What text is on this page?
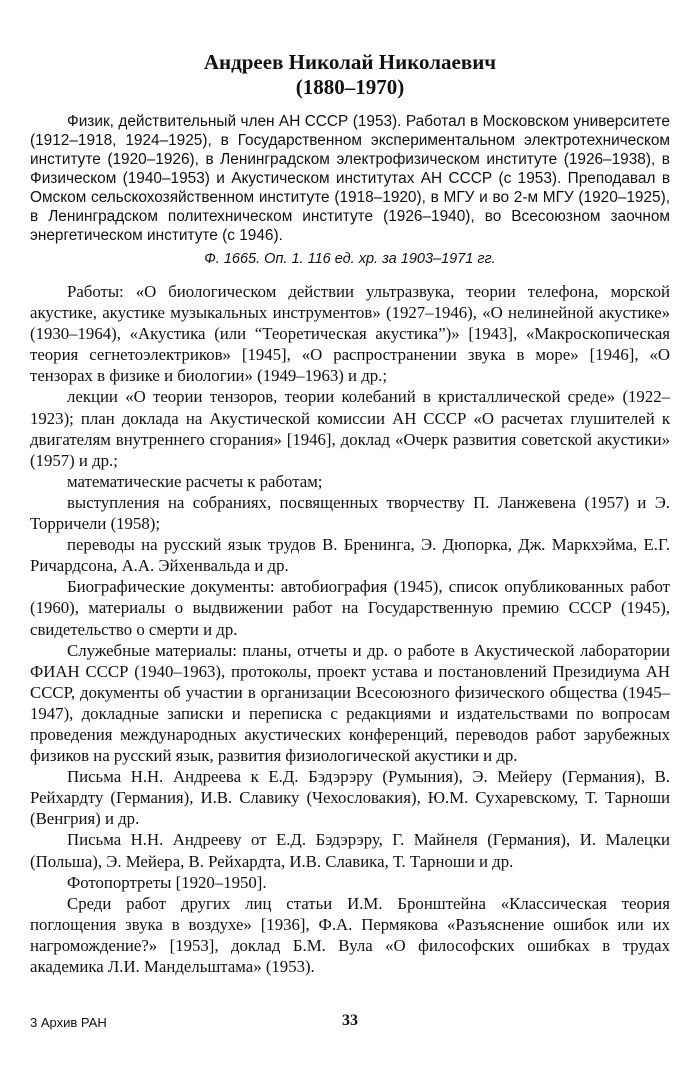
Андреев Николай Николаевич
(1880–1970)

Физик, действительный член АН СССР (1953). Работал в Московском университете (1912–1918, 1924–1925), в Государственном экспериментальном электротехническом институте (1920–1926), в Ленинградском электрофизическом институте (1926–1938), в Физическом (1940–1953) и Акустическом институтах АН СССР (с 1953). Преподавал в Омском сельскохозяйственном институте (1918–1920), в МГУ и во 2-м МГУ (1920–1925), в Ленинградском политехническом институте (1926–1940), во Всесоюзном заочном энергетическом институте (с 1946).

Ф. 1665. Оп. 1. 116 ед. хр. за 1903–1971 гг.

Работы: «О биологическом действии ультразвука, теории телефона, морской акустике, акустике музыкальных инструментов» (1927–1946), «О нелинейной акустике» (1930–1964), «Акустика (или “Теоретическая акустика”)» [1943], «Макроскопическая теория сегнетоэлектриков» [1945], «О распространении звука в море» [1946], «О тензорах в физике и биологии» (1949–1963) и др.;

лекции «О теории тензоров, теории колебаний в кристаллической среде» (1922–1923); план доклада на Акустической комиссии АН СССР «О расчетах глушителей к двигателям внутреннего сгорания» [1946], доклад «Очерк развития советской акустики» (1957) и др.;

математические расчеты к работам;

выступления на собраниях, посвященных творчеству П. Ланжевена (1957) и Э. Торричели (1958);

переводы на русский язык трудов В. Бренинга, Э. Дюпорка, Дж. Маркхэйма, Е.Г. Ричардсона, А.А. Эйхенвальда и др.

Биографические документы: автобиография (1945), список опубликованных работ (1960), материалы о выдвижении работ на Государственную премию СССР (1945), свидетельство о смерти и др.

Служебные материалы: планы, отчеты и др. о работе в Акустической лаборатории ФИАН СССР (1940–1963), протоколы, проект устава и постановлений Президиума АН СССР, документы об участии в организации Всесоюзного физического общества (1945–1947), докладные записки и переписка с редакциями и издательствами по вопросам проведения международных акустических конференций, переводов работ зарубежных физиков на русский язык, развития физиологической акустики и др.

Письма Н.Н. Андреева к Е.Д. Бэдэрэру (Румыния), Э. Мейеру (Германия), В. Рейхардту (Германия), И.В. Славику (Чехословакия), Ю.М. Сухаревскому, Т. Тарноши (Венгрия) и др.

Письма Н.Н. Андрееву от Е.Д. Бэдэрэру, Г. Майнеля (Германия), И. Малецки (Польша), Э. Мейера, В. Рейхардта, И.В. Славика, Т. Тарноши и др.

Фотопортреты [1920–1950].

Среди работ других лиц статьи И.М. Бронштейна «Классическая теория поглощения звука в воздухе» [1936], Ф.А. Пермякова «Разъяснение ошибок или их нагромождение?» [1953], доклад Б.М. Вула «О философских ошибках в трудах академика Л.И. Мандельштама» (1953).

3 Архив РАН	33
